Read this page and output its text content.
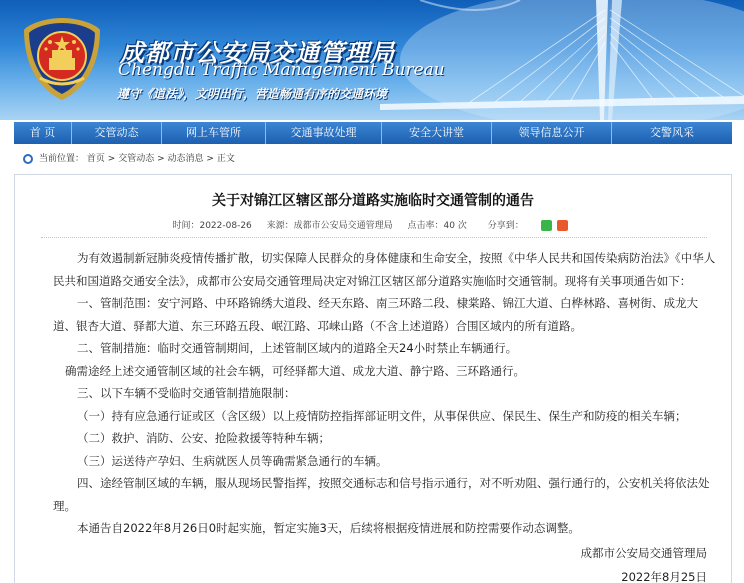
成都市公安局交通管理局
Chengdu Traffic Management Bureau
遵守《道法》，文明出行，营造畅通有序的交通环境
首 页	交管动态	网上车管所	交通事故处理	安全大讲堂	领导信息公开	交警风采
当前位置： 首页 > 交管动态 > 动态消息 > 正文
关于对锦江区辖区部分道路实施临时交通管制的通告
时间：2022-08-26 来源：成都市公安局交通管理局 点击率：40 次 分享到：

为有效遏制新冠肺炎疫情传播扩散，切实保障人民群众的身体健康和生命安全，按照《中华人民共和国传染病防治法》《中华人民共和国道路交通安全法》，成都市公安局交通管理局决定对锦江区辖区部分道路实施临时交通管制。现将有关事项通告如下：

一、管制范围：安宁河路、中环路锦绣大道段、经天东路、南三环路二段、棣棠路、锦江大道、白桦林路、喜树街、成龙大道、银杏大道、驿都大道、东三环路五段、岷江路、邛崃山路（不含上述道路）合围区域内的所有道路。

二、管制措施：临时交通管制期间，上述管制区域内的道路全天24小时禁止车辆通行。

确需途经上述交通管制区域的社会车辆，可经驿都大道、成龙大道、静宁路、三环路通行。

三、以下车辆不受临时交通管制措施限制：

（一）持有应急通行证或区（含区级）以上疫情防控指挥部证明文件，从事保供应、保民生、保生产和防疫的相关车辆；

（二）救护、消防、公安、抢险救援等特种车辆；

（三）运送待产孕妇、生病就医人员等确需紧急通行的车辆。

四、途经管制区域的车辆，服从现场民警指挥，按照交通标志和信号指示通行，对不听劝阻、强行通行的，公安机关将依法处理。

本通告自2022年8月26日0时起实施，暂定实施3天，后续将根据疫情进展和防控需要作动态调整。

成都市公安局交通管理局
2022年8月25日
